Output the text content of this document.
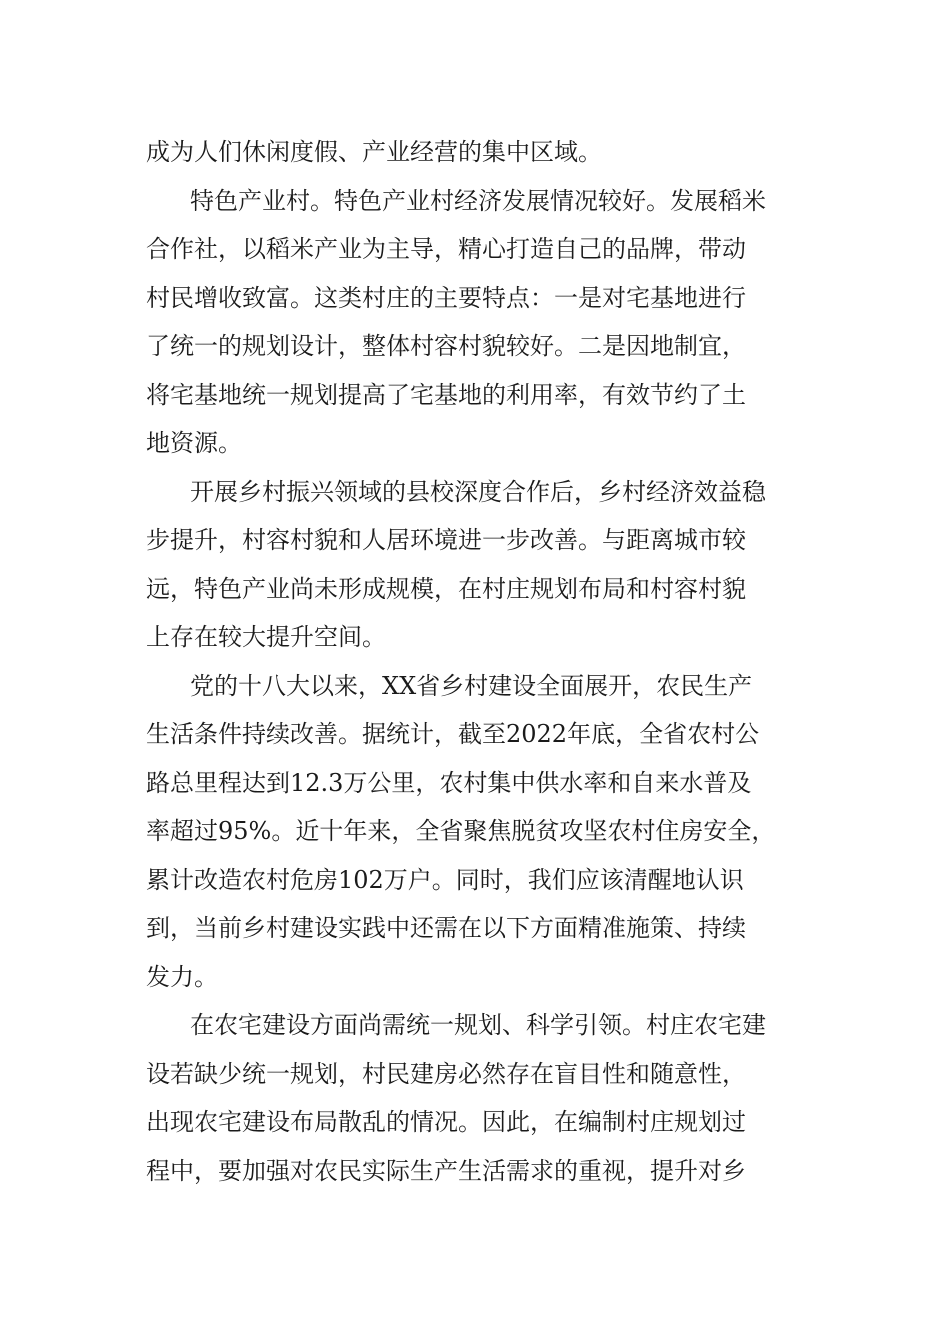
成为人们休闲度假、产业经营的集中区域。

特色产业村。特色产业村经济发展情况较好。发展稻米

合作社，以稻米产业为主导，精心打造自己的品牌，带动
村民增收致富。这类村庄的主要特点：一是对宅基地进行
了统一的规划设计，整体村容村貌较好。二是因地制宜，
将宅基地统一规划提高了宅基地的利用率，有效节约了土
地资源。

开展乡村振兴领域的县校深度合作后，乡村经济效益稳

步提升，村容村貌和人居环境进一步改善。与距离城市较
远，特色产业尚未形成规模，在村庄规划布局和村容村貌
上存在较大提升空间。

党的十八大以来，XX省乡村建设全面展开，农民生产

生活条件持续改善。据统计，截至2022年底，全省农村公
路总里程达到12.3万公里，农村集中供水率和自来水普及
率超过95%。近十年来，全省聚焦脱贫攻坚农村住房安全，
累计改造农村危房102万户。同时，我们应该清醒地认识
到，当前乡村建设实践中还需在以下方面精准施策、持续
发力。

在农宅建设方面尚需统一规划、科学引领。村庄农宅建

设若缺少统一规划，村民建房必然存在盲目性和随意性，
出现农宅建设布局散乱的情况。因此，在编制村庄规划过
程中，要加强对农民实际生产生活需求的重视，提升对乡
